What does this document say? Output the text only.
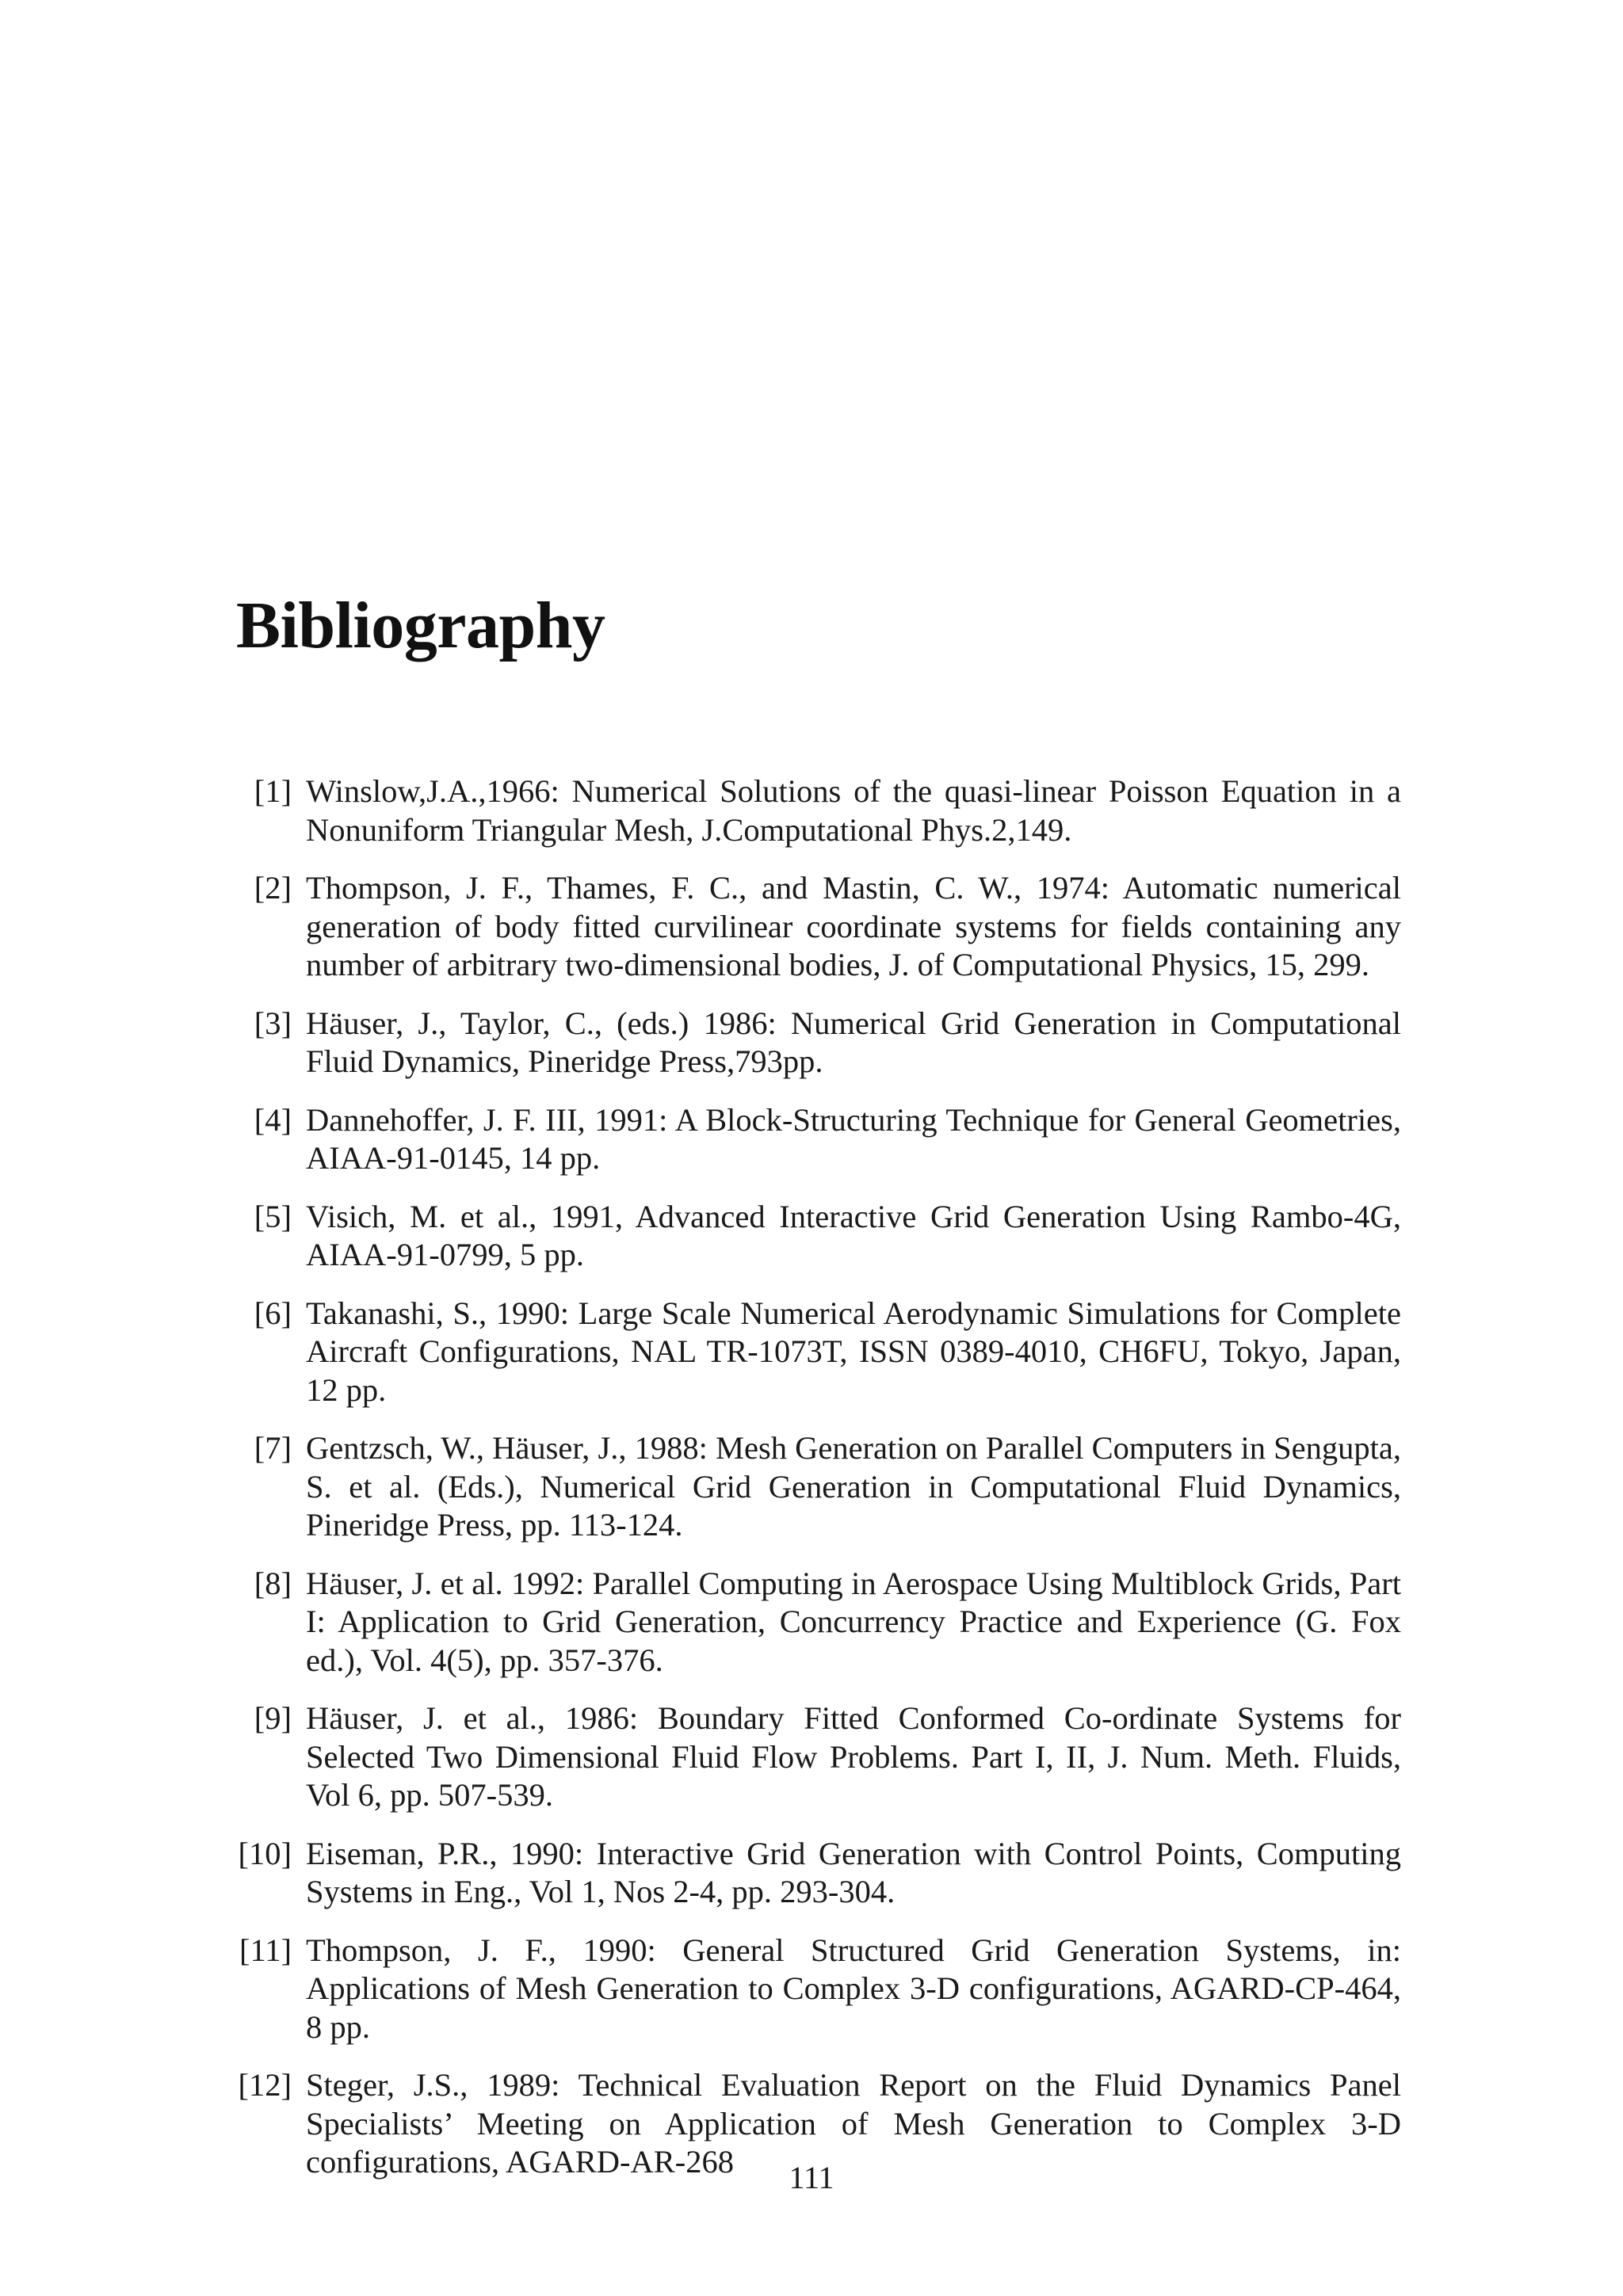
Bibliography
[1] Winslow,J.A.,1966: Numerical Solutions of the quasi-linear Poisson Equation in a Nonuniform Triangular Mesh, J.Computational Phys.2,149.
[2] Thompson, J. F., Thames, F. C., and Mastin, C. W., 1974: Automatic numerical generation of body fitted curvilinear coordinate systems for fields containing any number of arbitrary two-dimensional bodies, J. of Computational Physics, 15, 299.
[3] Häuser, J., Taylor, C., (eds.) 1986: Numerical Grid Generation in Computational Fluid Dynamics, Pineridge Press,793pp.
[4] Dannehoffer, J. F. III, 1991: A Block-Structuring Technique for General Geometries, AIAA-91-0145, 14 pp.
[5] Visich, M. et al., 1991, Advanced Interactive Grid Generation Using Rambo-4G, AIAA-91-0799, 5 pp.
[6] Takanashi, S., 1990: Large Scale Numerical Aerodynamic Simulations for Complete Aircraft Configurations, NAL TR-1073T, ISSN 0389-4010, CH6FU, Tokyo, Japan, 12 pp.
[7] Gentzsch, W., Häuser, J., 1988: Mesh Generation on Parallel Computers in Sengupta, S. et al. (Eds.), Numerical Grid Generation in Computational Fluid Dynamics, Pineridge Press, pp. 113-124.
[8] Häuser, J. et al. 1992: Parallel Computing in Aerospace Using Multiblock Grids, Part I: Application to Grid Generation, Concurrency Practice and Experience (G. Fox ed.), Vol. 4(5), pp. 357-376.
[9] Häuser, J. et al., 1986: Boundary Fitted Conformed Co-ordinate Systems for Selected Two Dimensional Fluid Flow Problems. Part I, II, J. Num. Meth. Fluids, Vol 6, pp. 507-539.
[10] Eiseman, P.R., 1990: Interactive Grid Generation with Control Points, Computing Systems in Eng., Vol 1, Nos 2-4, pp. 293-304.
[11] Thompson, J. F., 1990: General Structured Grid Generation Systems, in: Applications of Mesh Generation to Complex 3-D configurations, AGARD-CP-464, 8 pp.
[12] Steger, J.S., 1989: Technical Evaluation Report on the Fluid Dynamics Panel Specialists’ Meeting on Application of Mesh Generation to Complex 3-D configurations, AGARD-AR-268	111
